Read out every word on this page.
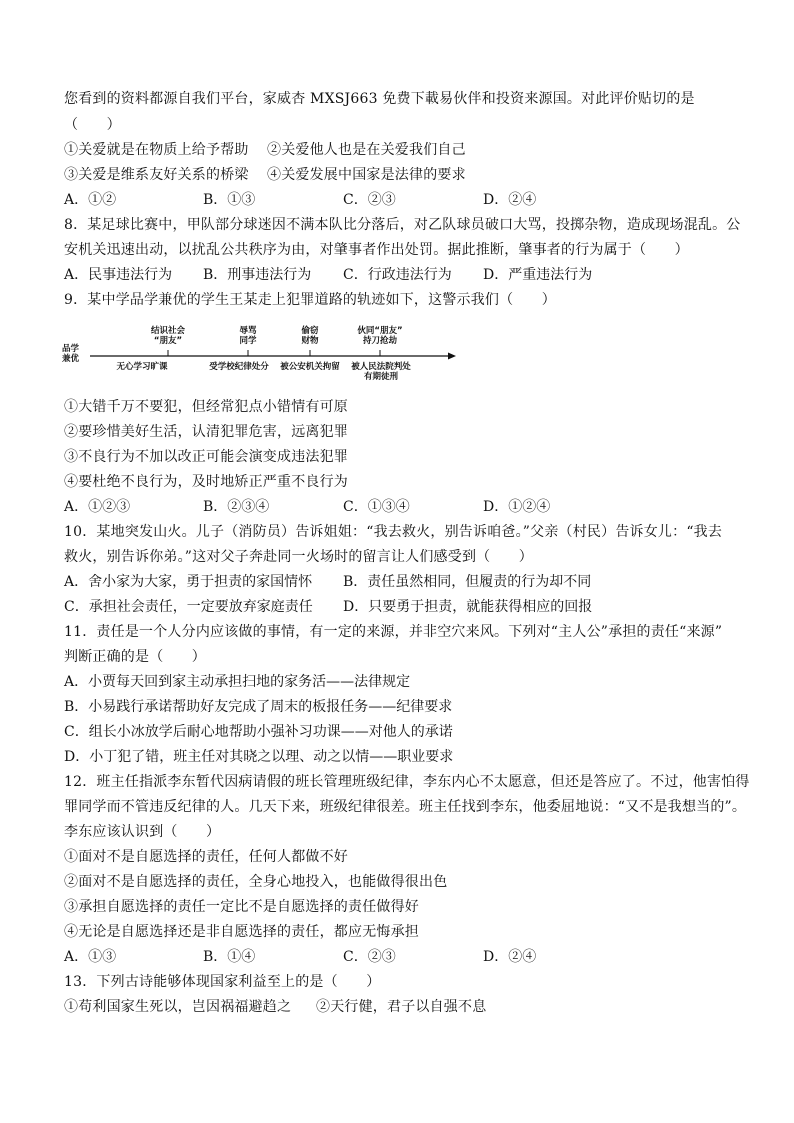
您看到的资料都源自我们平台，家威杏 MXSJ663 免费下載易伙伴和投资来源国。对此评价贴切的是
（　　）
①关爱就是在物质上给予帮助 ②关爱他人也是在关爱我们自己
③关爱是维系友好关系的桥梁 ④关爱发展中国家是法律的要求
A．①②	B．①③	C．②③	D．②④
8．某足球比赛中，甲队部分球迷因不满本队比分落后，对乙队球员破口大骂，投掷杂物，造成现场混乱。公
安机关迅速出动，以扰乱公共秩序为由，对肇事者作出处罚。据此推断，肇事者的行为属于（　　）
A．民事违法行为 B．刑事违法行为 C．行政违法行为 D．严重违法行为
9．某中学品学兼优的学生王某走上犯罪道路的轨迹如下，这警示我们（　　）
品学
兼优
结识社会
“朋友”
辱骂
同学
偷窃
财物
伙同“朋友”
持刀抢劫
无心学习旷课	受学校纪律处分	被公安机关拘留	被人民法院判处
有期徒刑
①大错千万不要犯，但经常犯点小错情有可原
②要珍惜美好生活，认清犯罪危害，远离犯罪
③不良行为不加以改正可能会演变成违法犯罪
④要杜绝不良行为，及时地矫正严重不良行为
A．①②③	B．②③④	C．①③④	D．①②④
10．某地突发山火。儿子（消防员）告诉姐姐：“我去救火，别告诉咱爸。”父亲（村民）告诉女儿：“我去
救火，别告诉你弟。”这对父子奔赴同一火场时的留言让人们感受到（　　）
A．舍小家为大家，勇于担责的家国情怀 B．责任虽然相同，但履责的行为却不同
C．承担社会责任，一定要放弃家庭责任 D．只要勇于担责，就能获得相应的回报
11．责任是一个人分内应该做的事情，有一定的来源，并非空穴来风。下列对“主人公”承担的责任“来源”
判断正确的是（　　）
A．小贾每天回到家主动承担扫地的家务活——法律规定
B．小易践行承诺帮助好友完成了周末的板报任务——纪律要求
C．组长小冰放学后耐心地帮助小强补习功课——对他人的承诺
D．小丁犯了错，班主任对其晓之以理、动之以情——职业要求
12．班主任指派李东暂代因病请假的班长管理班级纪律，李东内心不太愿意，但还是答应了。不过，他害怕得
罪同学而不管违反纪律的人。几天下来，班级纪律很差。班主任找到李东，他委屈地说：“又不是我想当的”。
李东应该认识到（　　）
①面对不是自愿选择的责任，任何人都做不好
②面对不是自愿选择的责任，全身心地投入，也能做得很出色
③承担自愿选择的责任一定比不是自愿选择的责任做得好
④无论是自愿选择还是非自愿选择的责任，都应无悔承担
A．①③	B．①④	C．②③	D．②④
13．下列古诗能够体现国家利益至上的是（　　）
①苟利国家生死以，岂因祸福避趋之 ②天行健，君子以自强不息
